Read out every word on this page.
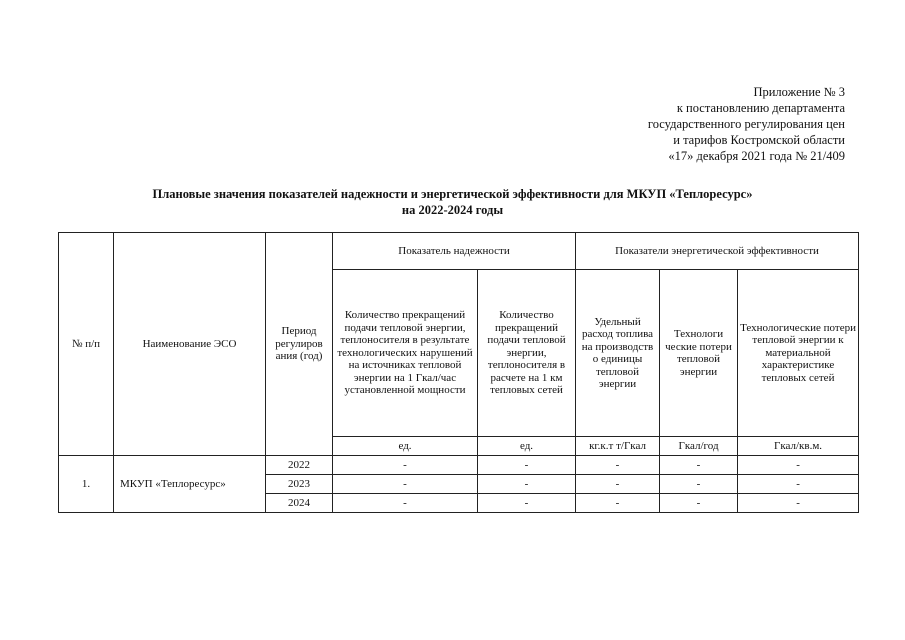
Приложение № 3
к постановлению департамента
государственного регулирования цен
и тарифов Костромской области
«17» декабря 2021 года № 21/409
Плановые значения показателей надежности и энергетической эффективности для МКУП «Теплоресурс»
на 2022-2024 годы
№ п/п	Наименование ЭСО	Период регулиров ания (год)	Показатель надежности		Показатели энергетической эффективности		
			Количество прекращений подачи тепловой энергии, теплоносителя в результате технологических нарушений на источниках тепловой энергии на 1 Гкал/час установленной мощности	Количество прекращений подачи тепловой энергии, теплоносителя в расчете на 1 км тепловых сетей	Удельный расход топлива на производств о единицы тепловой энергии	Технологи ческие потери тепловой энергии	Технологические потери тепловой энергии к материальной характеристике тепловых сетей
			ед.	ед.	кг.к.т т/Гкал	Гкал/год	Гкал/кв.м.
1.	МКУП «Теплоресурс»	2022	-	-	-	-	-
		2023	-	-	-	-	-
		2024	-	-	-	-	-
